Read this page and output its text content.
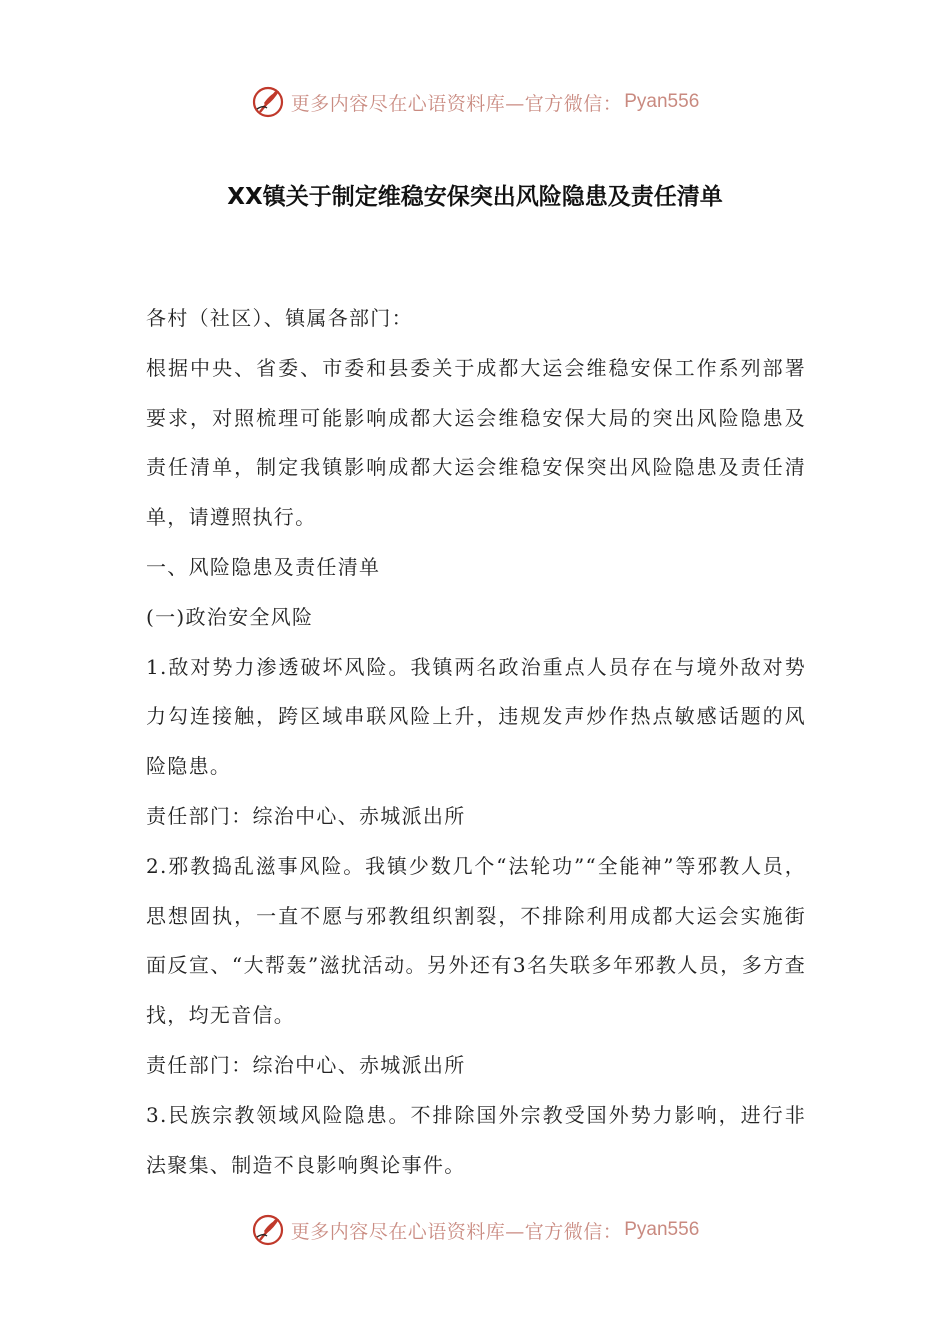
更多内容尽在心语资料库—官方微信： Pyan556
XX镇关于制定维稳安保突出风险隐患及责任清单

各村（社区）、镇属各部门：

根据中央、省委、市委和县委关于成都大运会维稳安保工作系列部署要求，对照梳理可能影响成都大运会维稳安保大局的突出风险隐患及责任清单，制定我镇影响成都大运会维稳安保突出风险隐患及责任清单，请遵照执行。

一、风险隐患及责任清单

(一)政治安全风险

1.敌对势力渗透破坏风险。我镇两名政治重点人员存在与境外敌对势力勾连接触，跨区域串联风险上升，违规发声炒作热点敏感话题的风险隐患。

责任部门：综治中心、赤城派出所

2.邪教捣乱滋事风险。我镇少数几个“法轮功”“全能神”等邪教人员，思想固执，一直不愿与邪教组织割裂，不排除利用成都大运会实施街面反宣、“大帮轰”滋扰活动。另外还有3名失联多年邪教人员，多方查找，均无音信。

责任部门：综治中心、赤城派出所

3.民族宗教领域风险隐患。不排除国外宗教受国外势力影响，进行非法聚集、制造不良影响舆论事件。

更多内容尽在心语资料库—官方微信： Pyan556
